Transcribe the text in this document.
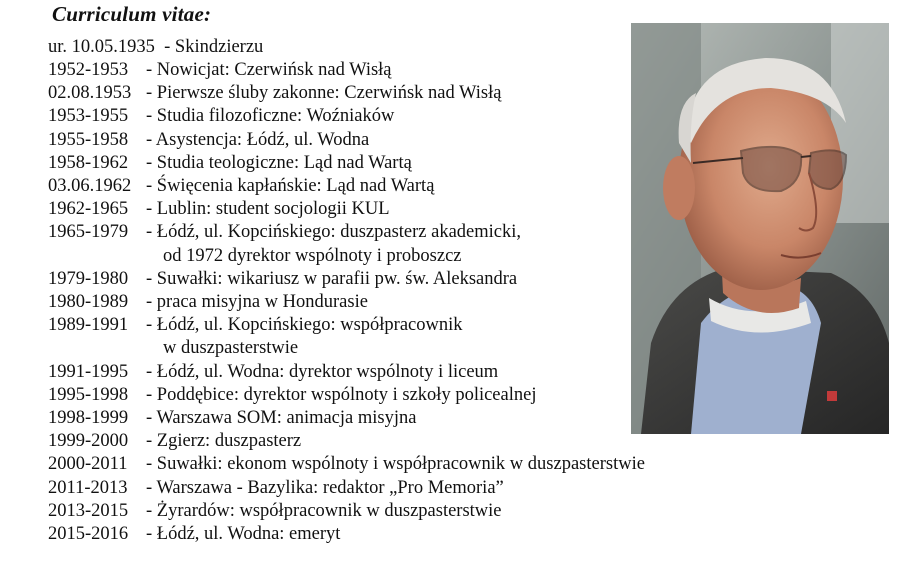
Curriculum vitae:
ur. 10.05.1935  - Skindzierzu
1952-1953 - Nowicjat: Czerwińsk nad Wisłą
02.08.1953 - Pierwsze śluby zakonne: Czerwińsk nad Wisłą
1953-1955 - Studia filozoficzne: Woźniaków
1955-1958 - Asystencja: Łódź, ul. Wodna
1958-1962 - Studia teologiczne: Ląd nad Wartą
03.06.1962 - Święcenia kapłańskie: Ląd nad Wartą
1962-1965 - Lublin: student socjologii KUL
1965-1979 - Łódź, ul. Kopcińskiego: duszpasterz akademicki,
od 1972 dyrektor wspólnoty i proboszcz
1979-1980 - Suwałki: wikariusz w parafii pw. św. Aleksandra
1980-1989 - praca misyjna w Hondurasie
1989-1991 - Łódź, ul. Kopcińskiego: współpracownik
w duszpasterstwie
1991-1995 - Łódź, ul. Wodna: dyrektor wspólnoty i liceum
1995-1998 - Poddębice: dyrektor wspólnoty i szkoły policealnej
1998-1999 - Warszawa SOM: animacja misyjna
1999-2000 - Zgierz: duszpasterz
2000-2011	- Suwałki: ekonom wspólnoty i współpracownik w duszpasterstwie
2011-2013	- Warszawa - Bazylika: redaktor „Pro Memoria”
2013-2015 - Żyrardów: współpracownik w duszpasterstwie
2015-2016 - Łódź, ul. Wodna: emeryt
